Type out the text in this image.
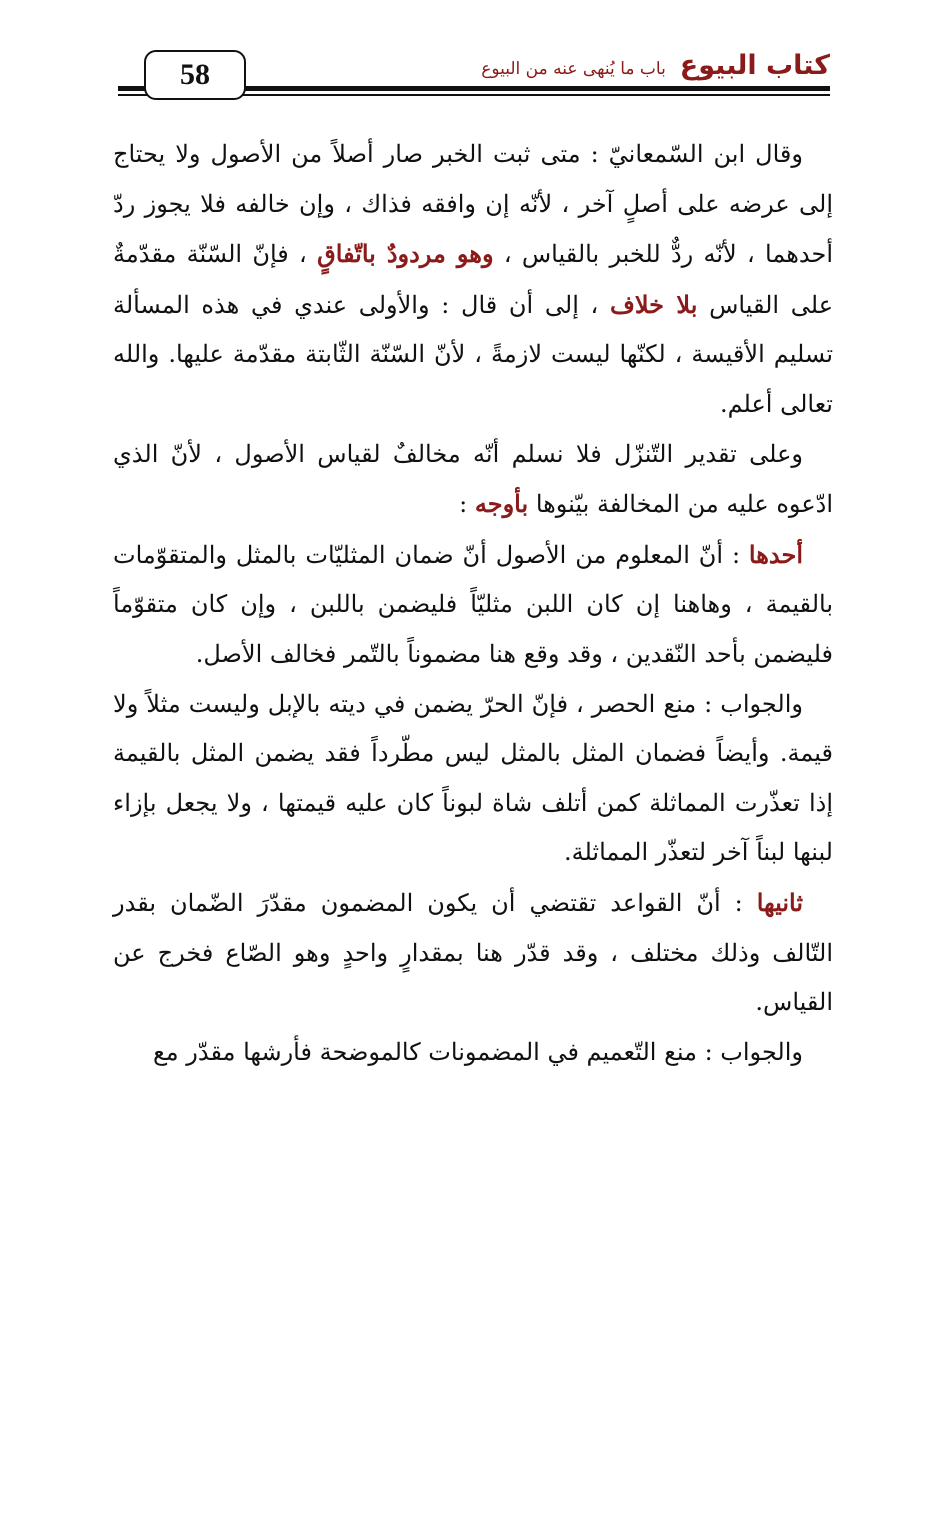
58	كتاب البيوع
باب ما يُنهى عنه من البيوع

وقال ابن السّمعانيّ : متى ثبت الخبر صار أصلاً من الأصول ولا يحتاج إلى عرضه على أصلٍ آخر ، لأنّه إن وافقه فذاك ، وإن خالفه فلا يجوز ردّ أحدهما ، لأنّه ردٌّ للخبر بالقياس ، وهو مردودٌ باتّفاقٍ ، فإنّ السّنّة مقدّمةٌ على القياس بلا خلاف ، إلى أن قال : والأولى عندي في هذه المسألة تسليم الأقيسة ، لكنّها ليست لازمةً ، لأنّ السّنّة الثّابتة مقدّمة عليها. والله تعالى أعلم.

وعلى تقدير التّنزّل فلا نسلم أنّه مخالفٌ لقياس الأصول ، لأنّ الذي ادّعوه عليه من المخالفة بيّنوها بأوجه :

أحدها : أنّ المعلوم من الأصول أنّ ضمان المثليّات بالمثل والمتقوّمات بالقيمة ، وهاهنا إن كان اللبن مثليّاً فليضمن باللبن ، وإن كان متقوّماً فليضمن بأحد النّقدين ، وقد وقع هنا مضموناً بالتّمر فخالف الأصل.

والجواب : منع الحصر ، فإنّ الحرّ يضمن في ديته بالإبل وليست مثلاً ولا قيمة. وأيضاً فضمان المثل بالمثل ليس مطّرداً فقد يضمن المثل بالقيمة إذا تعذّرت المماثلة كمن أتلف شاة لبوناً كان عليه قيمتها ، ولا يجعل بإزاء لبنها لبناً آخر لتعذّر المماثلة.

ثانيها : أنّ القواعد تقتضي أن يكون المضمون مقدّرَ الضّمان بقدر التّالف وذلك مختلف ، وقد قدّر هنا بمقدارٍ واحدٍ وهو الصّاع فخرج عن القياس.

والجواب : منع التّعميم في المضمونات كالموضحة فأرشها مقدّر مع
